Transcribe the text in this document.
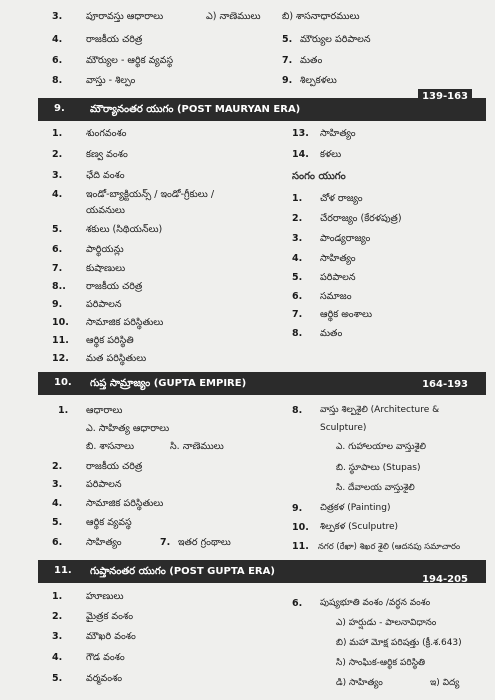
3.	పూరావస్తు ఆధారాలు	ఎ) నాణెములు బి) శాసనాధారములు
4.	రాజకీయ చరిత్ర	5. మౌర్యుల పరిపాలన
6.	మౌర్యుల - ఆర్థిక వ్యవస్థ	7. మతం
8.	వాస్తు - శిల్పం	9. శిల్పకళలు
9.	మౌర్యానంతర యుగం (POST MAURYAN ERA)
139-163
1.	శుంగవంశం
2.	కణ్వ వంశం
3.	ఛేది వంశం
4.	ఇండో-బ్యాక్టియన్స్ / ఇండో-గ్రీకులు /
యవనులు
5.	శకులు (సిథియన్‌లు)
6.	పార్థియన్లు
7.	కుషాణులు
8.. రాజకీయ చరిత్ర
9.	పరిపాలన
10. సామాజిక పరిస్థితులు
11. ఆర్థిక పరిస్థితి
12. మత పరిస్థితులు
13. సాహిత్యం
14. కళలు
సంగం యుగం
1. చోళ రాజ్యం
2. చేరరాజ్యం (కేరళపుత్ర)
3. పాండ్యరాజ్యం
4. సాహిత్యం
5. పరిపాలన
6. సమాజం
7. ఆర్థిక అంశాలు
8. మతం
10. గుప్త సామ్రాజ్యం (GUPTA EMPIRE)	164-193
1. ఆధారాలు
ఎ. సాహిత్య ఆధారాలు
బి. శాసనాలు	సి. నాణెములు
2.	రాజకీయ చరిత్ర
3.	పరిపాలన
4.	సామాజిక పరిస్థితులు
5.	ఆర్థిక వ్యవస్థ
6.	సాహిత్యం	7. ఇతర గ్రంథాలు
8. వాస్తు శిల్పశైలి (Architecture &
Sculpture)
ఎ. గుహాలయాల వాస్తుశైలి
బి. స్థూపాలు (Stupas)
సి. దేవాలయ వాస్తుశైలి
9. చిత్రకళ (Painting)
10. శిల్పకళ (Sculputre)
11. నగర (రేఖా) శిఖర శైలి (ఆదనపు సమాచారం
11. గుప్తానంతర యుగం (POST GUPTA ERA)
194-205
1.	హూణులు
2.	మైత్రక వంశం
3.	మౌఖరి వంశం
4.	గౌడ వంశం
5.	వర్మవంశం
6. పుష్యభూతి వంశం /వర్ధన వంశం
ఎ) హర్షుడు - పాలనావిధానం
బి) మహా మోక్ష పరిషత్తు (క్రీ.శ.643)
సి) సాంఘిక-ఆర్థిక పరిస్థితి
డి) సాహిత్యం	ఇ) విద్య
